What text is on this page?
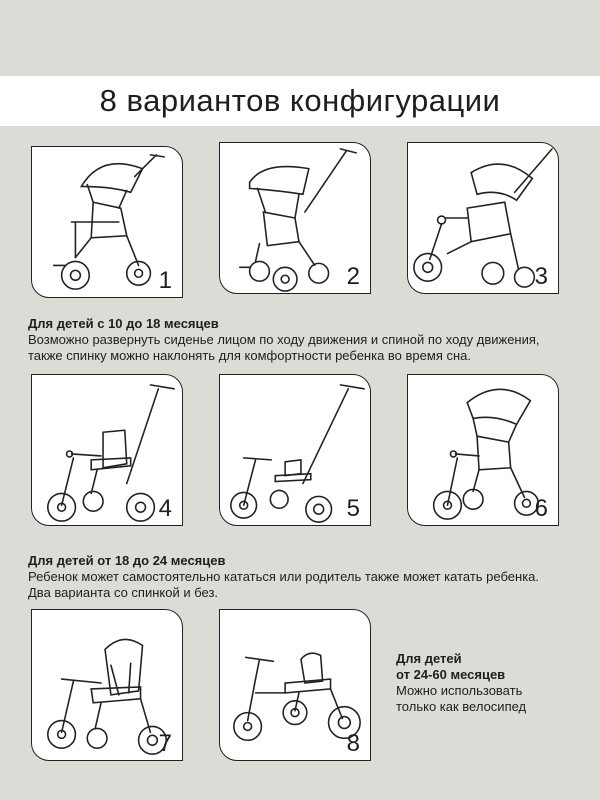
8 вариантов конфигурации
1	2	3
Для детей с 10 до 18 месяцев
Возможно развернуть сиденье лицом по ходу движения и спиной по ходу движения,
также спинку можно наклонять для комфортности ребенка во время сна.
4	5	6
Для детей от 18 до 24 месяцев
Ребенок может самостоятельно кататься или родитель также может катать ребенка.
Два варианта со спинкой и без.
7	8
Для детей
от 24-60 месяцев
Можно использовать
только как велосипед
